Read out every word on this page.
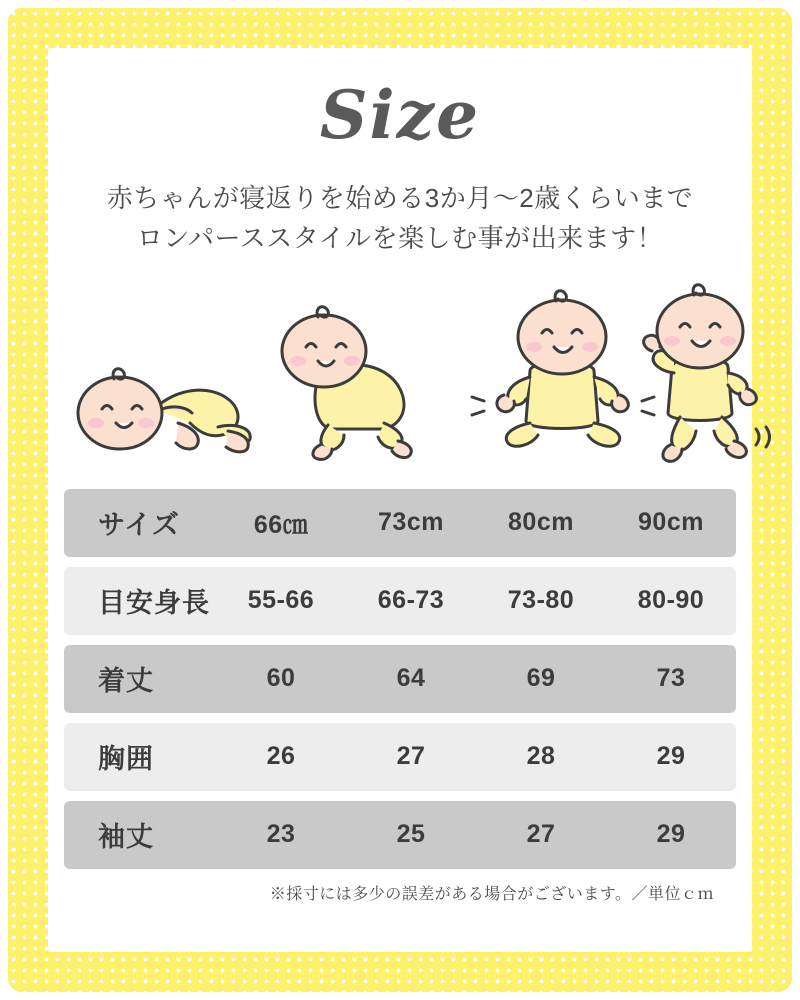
Size
赤ちゃんが寝返りを始める3か月〜2歳くらいまで
ロンパーススタイルを楽しむ事が出来ます！
サイズ	66㎝	73cm	80cm	90cm
目安身長	55-66	66-73	73-80	80-90
着丈	60	64	69	73
胸囲	26	27	28	29
袖丈	23	25	27	29
※採寸には多少の誤差がある場合がございます。／単位ｃｍ
